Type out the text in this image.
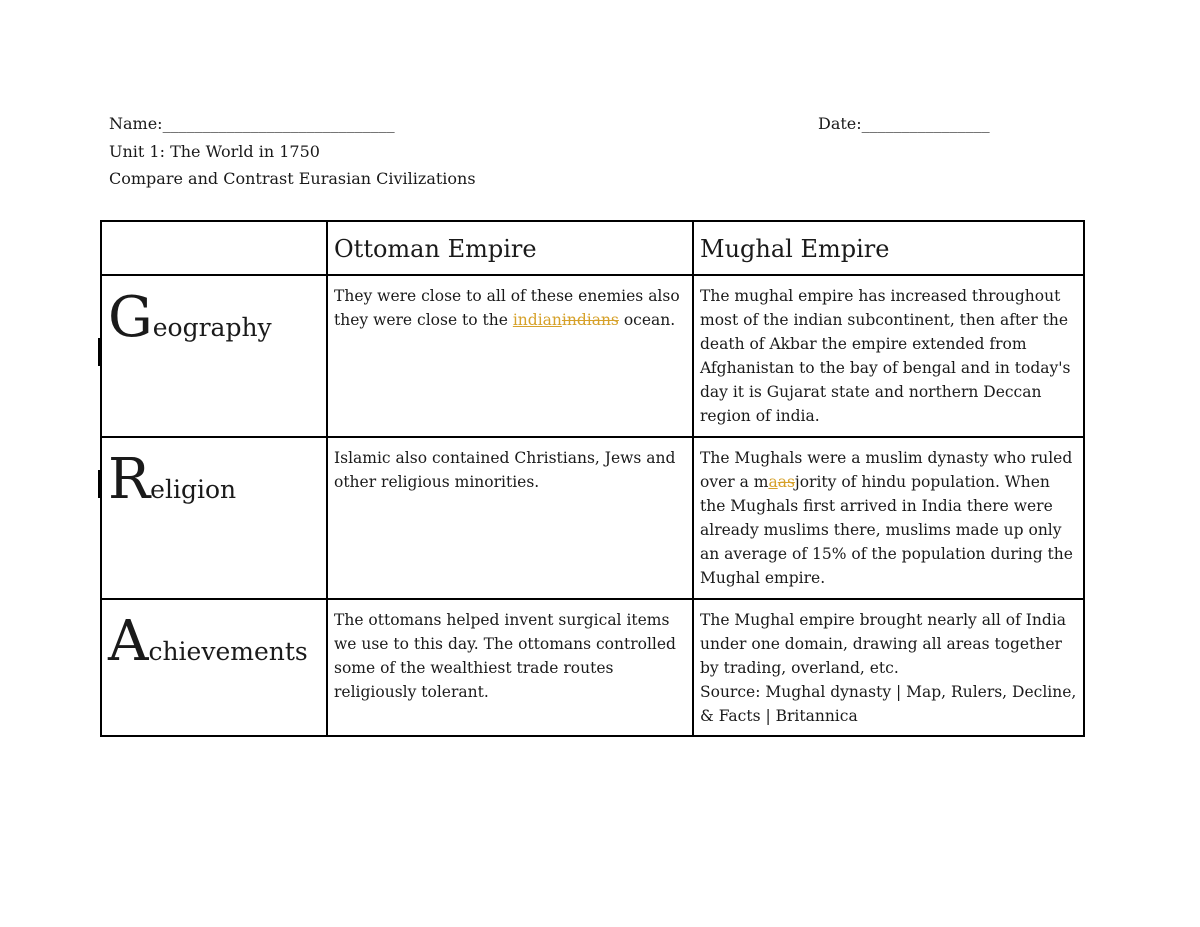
Name:_____________________________	Date:________________
Unit 1: The World in 1750
Compare and Contrast Eurasian Civilizations
	Ottoman Empire	Mughal Empire

Geography	They were close to all of these enemies also they were close to the indianindians ocean.	The mughal empire has increased throughout most of the indian subcontinent, then after the death of Akbar the empire extended from Afghanistan to the bay of bengal and in today's day it is Gujarat state and northern Deccan region of india.

Religion	Islamic also contained Christians, Jews and other religious minorities.	The Mughals were a muslim dynasty who ruled over a maasjority of hindu population. When the Mughals first arrived in India there were already muslims there, muslims made up only an average of 15% of the population during the Mughal empire.
Achievements	The ottomans helped invent surgical items we use to this day. The ottomans controlled some of the wealthiest trade routes religiously tolerant.	The Mughal empire brought nearly all of India under one domain, drawing all areas together by trading, overland, etc.
Source: Mughal dynasty | Map, Rulers, Decline, & Facts | Britannica
